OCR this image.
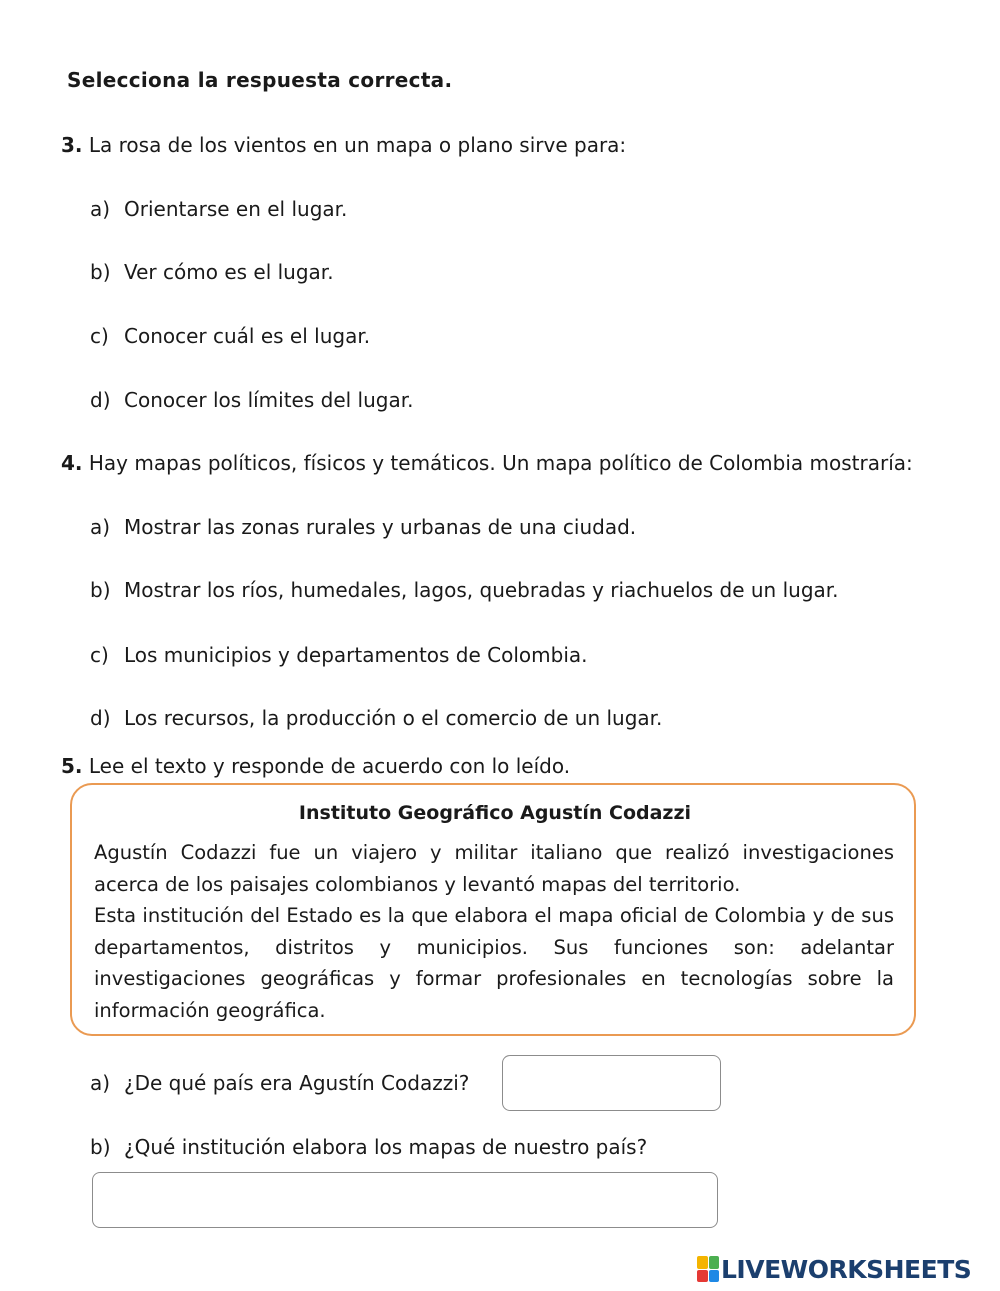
Selecciona la respuesta correcta.
3. La rosa de los vientos en un mapa o plano sirve para:
a) Orientarse en el lugar.
b) Ver cómo es el lugar.
c) Conocer cuál es el lugar.
d) Conocer los límites del lugar.
4. Hay mapas políticos, físicos y temáticos. Un mapa político de Colombia mostraría:
a) Mostrar las zonas rurales y urbanas de una ciudad.
b) Mostrar los ríos, humedales, lagos, quebradas y riachuelos de un lugar.
c) Los municipios y departamentos de Colombia.
d) Los recursos, la producción o el comercio de un lugar.
5. Lee el texto y responde de acuerdo con lo leído.
Instituto Geográfico Agustín Codazzi

Agustín Codazzi fue un viajero y militar italiano que realizó investigaciones acerca de los paisajes colombianos y levantó mapas del territorio.

Esta institución del Estado es la que elabora el mapa oficial de Colombia y de sus departamentos, distritos y municipios. Sus funciones son: adelantar investigaciones geográficas y formar profesionales en tecnologías sobre la información geográfica.

a) ¿De qué país era Agustín Codazzi?
b) ¿Qué institución elabora los mapas de nuestro país?
LIVEWORKSHEETS
